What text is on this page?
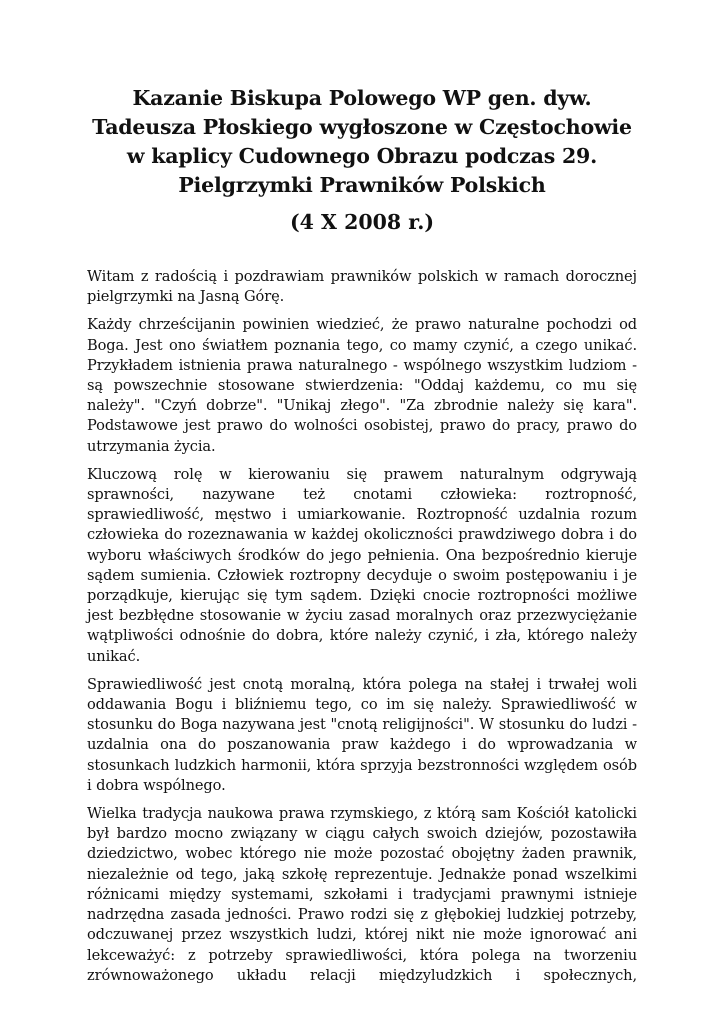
Kazanie Biskupa Polowego WP gen. dyw. Tadeusza Płoskiego wygłoszone w Częstochowie w kaplicy Cudownego Obrazu podczas 29. Pielgrzymki Prawników Polskich
(4 X 2008 r.)

Witam z radością i pozdrawiam prawników polskich w ramach dorocznej pielgrzymki na Jasną Górę.

Każdy chrześcijanin powinien wiedzieć, że prawo naturalne pochodzi od Boga. Jest ono światłem poznania tego, co mamy czynić, a czego unikać. Przykładem istnienia prawa naturalnego - wspólnego wszystkim ludziom - są powszechnie stosowane stwierdzenia: "Oddaj każdemu, co mu się należy". "Czyń dobrze". "Unikaj złego". "Za zbrodnie należy się kara". Podstawowe jest prawo do wolności osobistej, prawo do pracy, prawo do utrzymania życia.

Kluczową rolę w kierowaniu się prawem naturalnym odgrywają sprawności, nazywane też cnotami człowieka: roztropność, sprawiedliwość, męstwo i umiarkowanie. Roztropność uzdalnia rozum człowieka do rozeznawania w każdej okoliczności prawdziwego dobra i do wyboru właściwych środków do jego pełnienia. Ona bezpośrednio kieruje sądem sumienia. Człowiek roztropny decyduje o swoim postępowaniu i je porządkuje, kierując się tym sądem. Dzięki cnocie roztropności możliwe jest bezbłędne stosowanie w życiu zasad moralnych oraz przezwyciężanie wątpliwości odnośnie do dobra, które należy czynić, i zła, którego należy unikać.

Sprawiedliwość jest cnotą moralną, która polega na stałej i trwałej woli oddawania Bogu i bliźniemu tego, co im się należy. Sprawiedliwość w stosunku do Boga nazywana jest "cnotą religijności". W stosunku do ludzi - uzdalnia ona do poszanowania praw każdego i do wprowadzania w stosunkach ludzkich harmonii, która sprzyja bezstronności względem osób i dobra wspólnego.

Wielka tradycja naukowa prawa rzymskiego, z którą sam Kościół katolicki był bardzo mocno związany w ciągu całych swoich dziejów, pozostawiła dziedzictwo, wobec którego nie może pozostać obojętny żaden prawnik, niezależnie od tego, jaką szkołę reprezentuje. Jednakże ponad wszelkimi różnicami między systemami, szkołami i tradycjami prawnymi istnieje nadrzędna zasada jedności. Prawo rodzi się z głębokiej ludzkiej potrzeby, odczuwanej przez wszystkich ludzi, której nikt nie może ignorować ani lekceważyć: z potrzeby sprawiedliwości, która polega na tworzeniu zrównoważonego układu relacji międzyludzkich i społecznych,
